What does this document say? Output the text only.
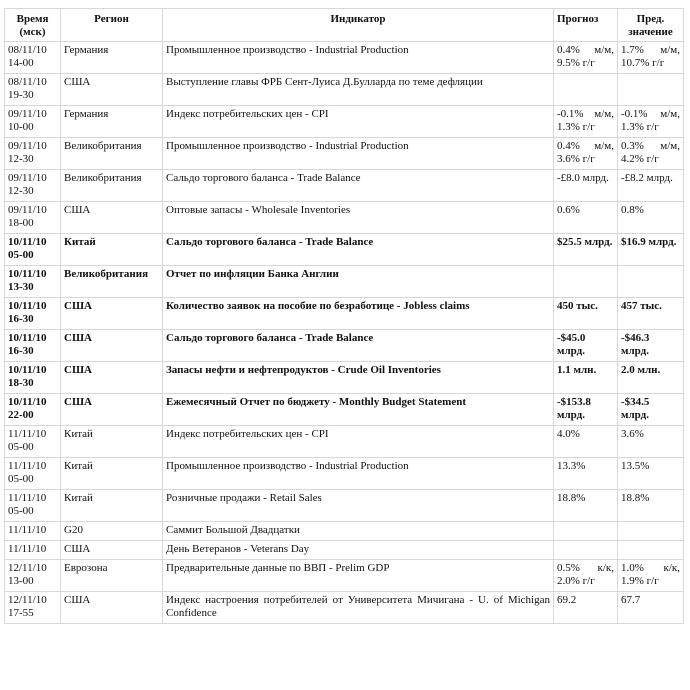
Время
(мск)	Регион	Индикатор	Прогноз	Пред.
значение
08/11/10
14-00	Германия	Промышленное производство - Industrial Production	0.4% м/м, 9.5% г/г	1.7% м/м, 10.7% г/г
08/11/10
19-30	США	Выступление главы ФРБ Сент-Луиса Д.Булларда по теме дефляции		
09/11/10
10-00	Германия	Индекс потребительских цен - CPI	-0.1% м/м, 1.3% г/г	-0.1% м/м, 1.3% г/г
09/11/10
12-30	Великобритания	Промышленное производство - Industrial Production	0.4% м/м, 3.6% г/г	0.3% м/м, 4.2% г/г
09/11/10
12-30	Великобритания	Сальдо торгового баланса - Trade Balance	-£8.0 млрд.	-£8.2 млрд.
09/11/10
18-00	США	Оптовые запасы - Wholesale Inventories	0.6%	0.8%
10/11/10
05-00	Китай	Сальдо торгового баланса - Trade Balance	$25.5 млрд.	$16.9 млрд.
10/11/10
13-30	Великобритания	Отчет по инфляции Банка Англии		
10/11/10
16-30	США	Количество заявок на пособие по безработице - Jobless claims	450 тыс.	457 тыс.
10/11/10
16-30	США	Сальдо торгового баланса - Trade Balance	-$45.0 млрд.	-$46.3 млрд.
10/11/10
18-30	США	Запасы нефти и нефтепродуктов - Crude Oil Inventories	1.1 млн.	2.0 млн.
10/11/10
22-00	США	Ежемесячный Отчет по бюджету - Monthly Budget Statement	-$153.8 млрд.	-$34.5 млрд.
11/11/10
05-00	Китай	Индекс потребительских цен - CPI	4.0%	3.6%
11/11/10
05-00	Китай	Промышленное производство - Industrial Production	13.3%	13.5%
11/11/10
05-00	Китай	Розничные продажи - Retail Sales	18.8%	18.8%
11/11/10	G20	Саммит Большой Двадцатки		
11/11/10	США	День Ветеранов - Veterans Day		
12/11/10
13-00	Еврозона	Предварительные данные по ВВП - Prelim GDP	0.5% к/к, 2.0% г/г	1.0% к/к, 1.9% г/г
12/11/10
17-55	США	Индекс настроения потребителей от Университета Мичигана - U. of Michigan Confidence	69.2	67.7
